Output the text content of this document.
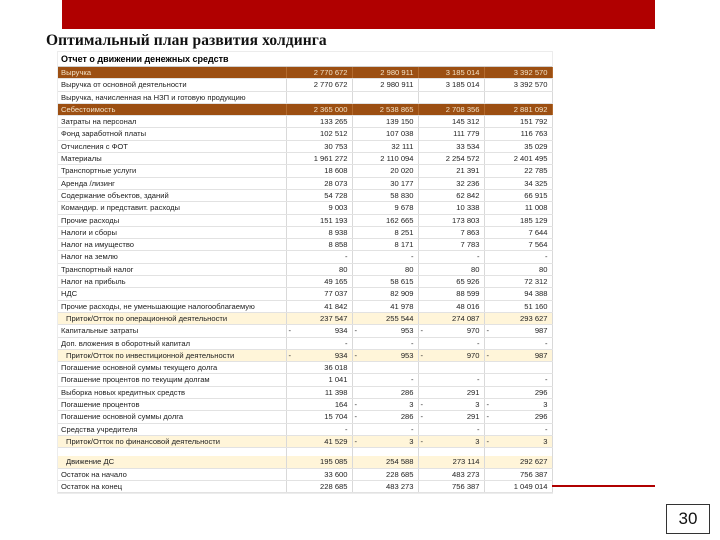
Оптимальный план развития холдинга
Отчет о движении денежных средств
Выручка	2 770 672	2 980 911	3 185 014	3 392 570
Выручка от основной деятельности	2 770 672	2 980 911	3 185 014	3 392 570
Выручка, начисленная на НЗП и готовую продукцию	

Себестоимость	2 365 000	2 538 865	2 708 356	2 881 092
Затраты на персонал	133 265	139 150	145 312	151 792
Фонд заработной платы	102 512	107 038	111 779	116 763
Отчисления с ФОТ	30 753	32 111	33 534	35 029
Материалы	1 961 272	2 110 094	2 254 572	2 401 495
Транспортные услуги	18 608	20 020	21 391	22 785
Аренда /лизинг	28 073	30 177	32 236	34 325
Содержание объектов, зданий	54 728	58 830	62 842	66 915
Командир. и представит. расходы	9 003	9 678	10 338	11 008
Прочие расходы	151 193	162 665	173 803	185 129
Налоги и сборы	8 938	8 251	7 863	7 644
Налог на имущество	8 858	8 171	7 783	7 564
Налог на землю	-	-	-	-
Транспортный налог	80	80	80	80
Налог на прибыль	49 165	58 615	65 926	72 312
НДС	77 037	82 909	88 599	94 388
Прочие расходы, не уменьшающие налогооблагаемую	41 842	41 978	48 016	51 160
Приток/Отток по операционной деятельности	237 547	255 544	274 087	293 627
Капитальные затраты	- 934	- 953	- 970	- 987
Доп. вложения в оборотный капитал	-	-	-	-
Приток/Отток по инвестиционной деятельности	- 934	- 953	- 970	- 987
Погашение основной суммы текущего долга	36 018	

Погашение процентов по текущим долгам	1 041	-	-	-
Выборка новых кредитных средств	11 398	286	291	296
Погашение процентов	164	- 3	- 3	- 3
Погашение основной суммы долга	15 704	- 286	- 291	- 296
Средства учредителя	-	-	-	-
Приток/Отток по финансовой деятельности	41 529	- 3	- 3	- 3

Движение ДС	195 085	254 588	273 114	292 627
Остаток на начало	33 600	228 685	483 273	756 387
Остаток на конец	228 685	483 273	756 387	1 049 014
30
